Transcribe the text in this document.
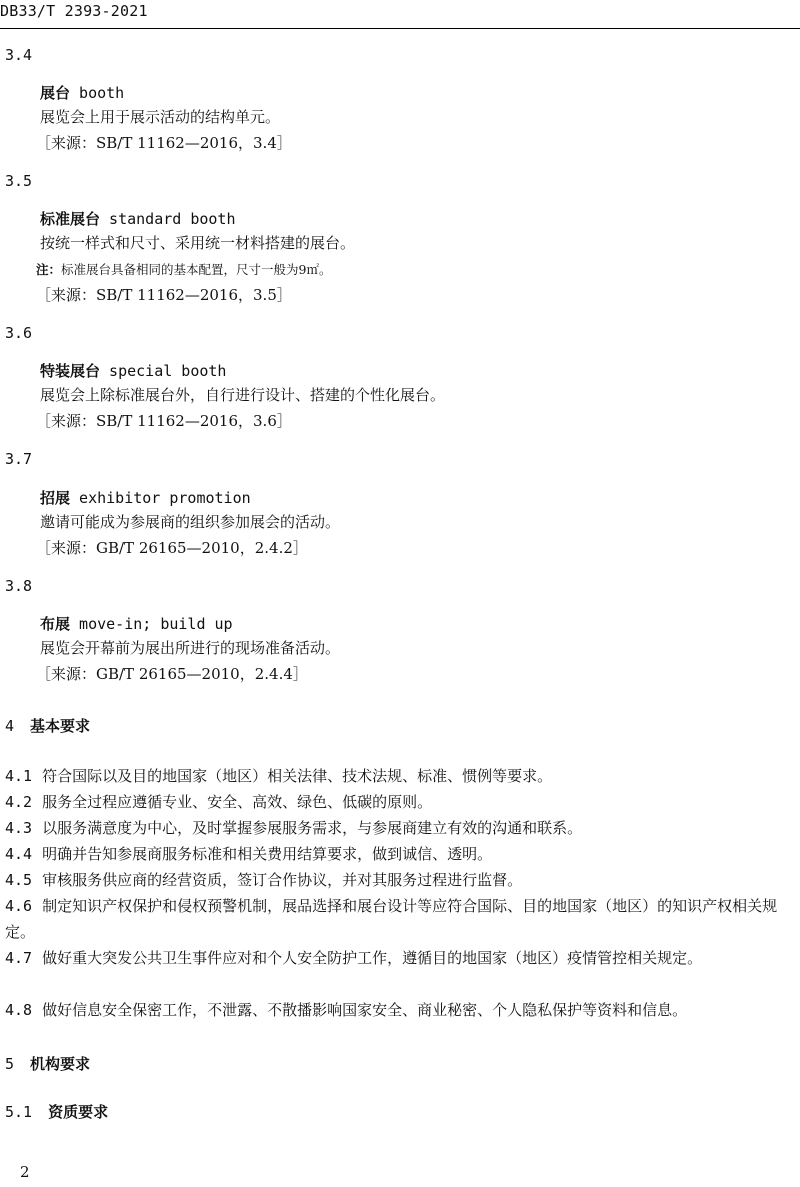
DB33/T 2393-2021
3.4
展台 booth
展览会上用于展示活动的结构单元。
［来源：SB/T 11162—2016，3.4］
3.5
标准展台 standard booth
按统一样式和尺寸、采用统一材料搭建的展台。
注：标准展台具备相同的基本配置，尺寸一般为9㎡。
［来源：SB/T 11162—2016，3.5］
3.6
特装展台 special booth
展览会上除标准展台外，自行进行设计、搭建的个性化展台。
［来源：SB/T 11162—2016，3.6］
3.7
招展 exhibitor promotion
邀请可能成为参展商的组织参加展会的活动。
［来源：GB/T 26165—2010，2.4.2］
3.8
布展 move-in; build up
展览会开幕前为展出所进行的现场准备活动。
［来源：GB/T 26165—2010，2.4.4］
4 基本要求
4.1 符合国际以及目的地国家（地区）相关法律、技术法规、标准、惯例等要求。
4.2 服务全过程应遵循专业、安全、高效、绿色、低碳的原则。
4.3 以服务满意度为中心，及时掌握参展服务需求，与参展商建立有效的沟通和联系。
4.4 明确并告知参展商服务标准和相关费用结算要求，做到诚信、透明。
4.5 审核服务供应商的经营资质，签订合作协议，并对其服务过程进行监督。
4.6 制定知识产权保护和侵权预警机制，展品选择和展台设计等应符合国际、目的地国家（地区）的知识产权相关规定。
4.7 做好重大突发公共卫生事件应对和个人安全防护工作，遵循目的地国家（地区）疫情管控相关规定。
4.8 做好信息安全保密工作，不泄露、不散播影响国家安全、商业秘密、个人隐私保护等资料和信息。
5 机构要求
5.1 资质要求
2
